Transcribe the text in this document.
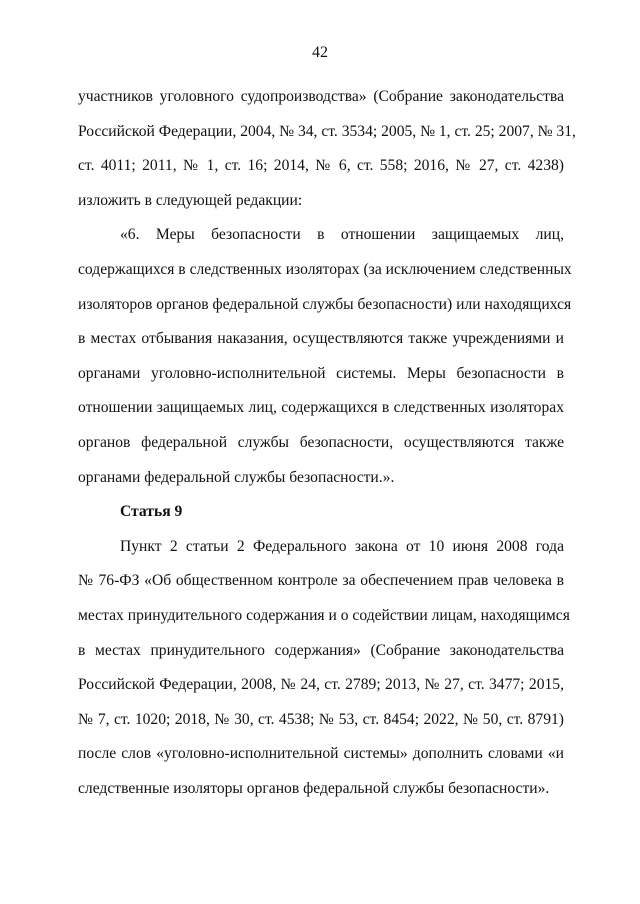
42
участников уголовного судопроизводства» (Собрание законодательства
Российской Федерации, 2004, № 34, ст. 3534; 2005, № 1, ст. 25; 2007, № 31,
ст. 4011; 2011, № 1, ст. 16; 2014, № 6, ст. 558; 2016, № 27, ст. 4238)
изложить в следующей редакции:
«6. Меры безопасности в отношении защищаемых лиц,
содержащихся в следственных изоляторах (за исключением следственных
изоляторов органов федеральной службы безопасности) или находящихся
в местах отбывания наказания, осуществляются также учреждениями и
органами уголовно-исполнительной системы. Меры безопасности в
отношении защищаемых лиц, содержащихся в следственных изоляторах
органов федеральной службы безопасности, осуществляются также
органами федеральной службы безопасности.».
Статья 9
Пункт 2 статьи 2 Федерального закона от 10 июня 2008 года
№ 76-ФЗ «Об общественном контроле за обеспечением прав человека в
местах принудительного содержания и о содействии лицам, находящимся
в местах принудительного содержания» (Собрание законодательства
Российской Федерации, 2008, № 24, ст. 2789; 2013, № 27, ст. 3477; 2015,
№ 7, ст. 1020; 2018, № 30, ст. 4538; № 53, ст. 8454; 2022, № 50, ст. 8791)
после слов «уголовно-исполнительной системы» дополнить словами «и
следственные изоляторы органов федеральной службы безопасности».
